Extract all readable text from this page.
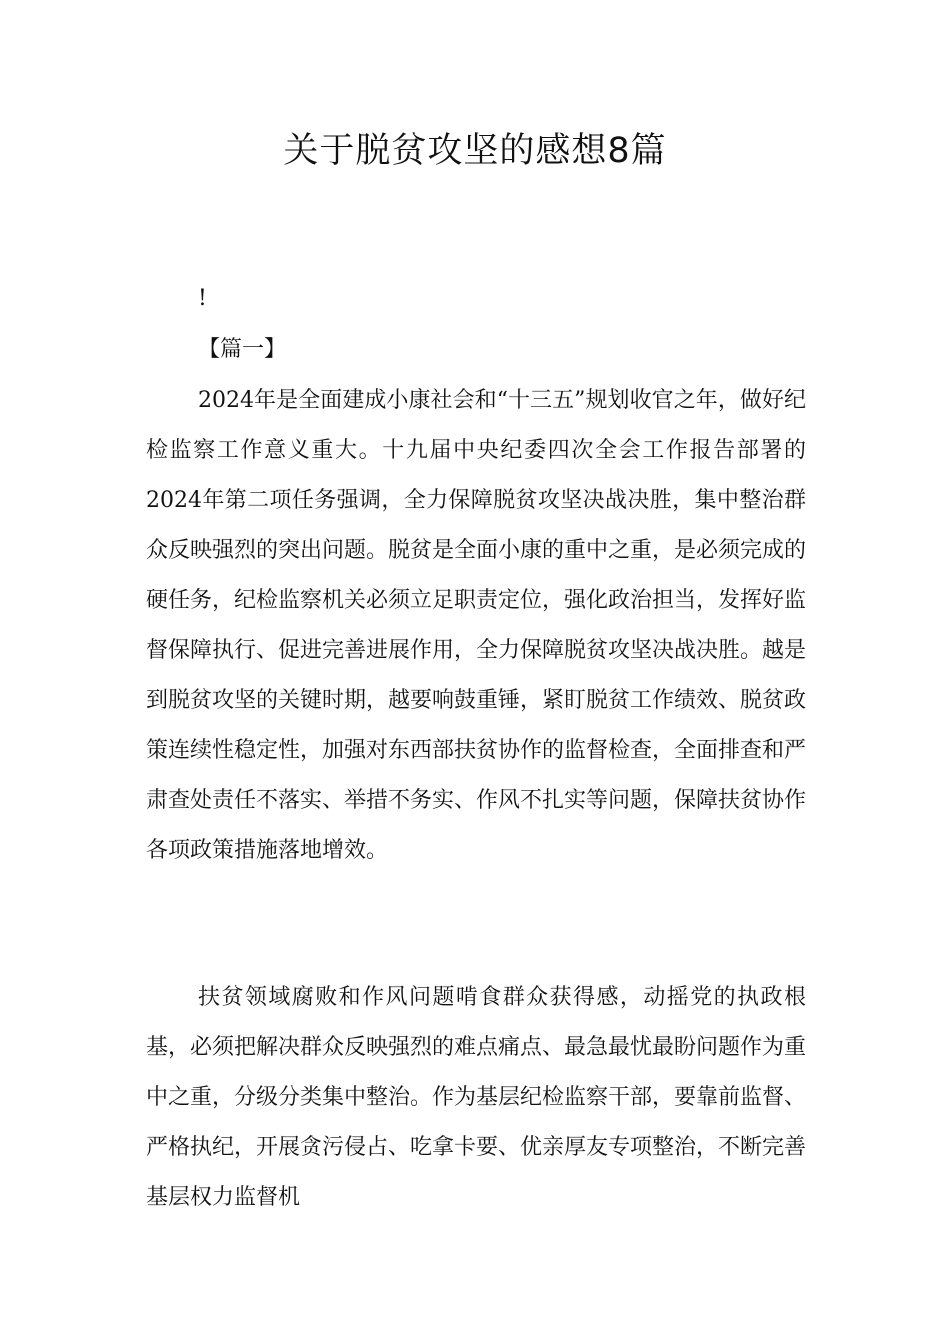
关于脱贫攻坚的感想8篇
!
【篇一】

2024年是全面建成小康社会和“十三五”规划收官之年，做好纪检监察工作意义重大。十九届中央纪委四次全会工作报告部署的2024年第二项任务强调，全力保障脱贫攻坚决战决胜，集中整治群众反映强烈的突出问题。脱贫是全面小康的重中之重，是必须完成的硬任务，纪检监察机关必须立足职责定位，强化政治担当，发挥好监督保障执行、促进完善进展作用，全力保障脱贫攻坚决战决胜。越是到脱贫攻坚的关键时期，越要响鼓重锤，紧盯脱贫工作绩效、脱贫政策连续性稳定性，加强对东西部扶贫协作的监督检查，全面排查和严肃查处责任不落实、举措不务实、作风不扎实等问题，保障扶贫协作各项政策措施落地增效。

扶贫领域腐败和作风问题啃食群众获得感，动摇党的执政根基，必须把解决群众反映强烈的难点痛点、最急最忧最盼问题作为重中之重，分级分类集中整治。作为基层纪检监察干部，要靠前监督、严格执纪，开展贪污侵占、吃拿卡要、优亲厚友专项整治，不断完善基层权力监督机
